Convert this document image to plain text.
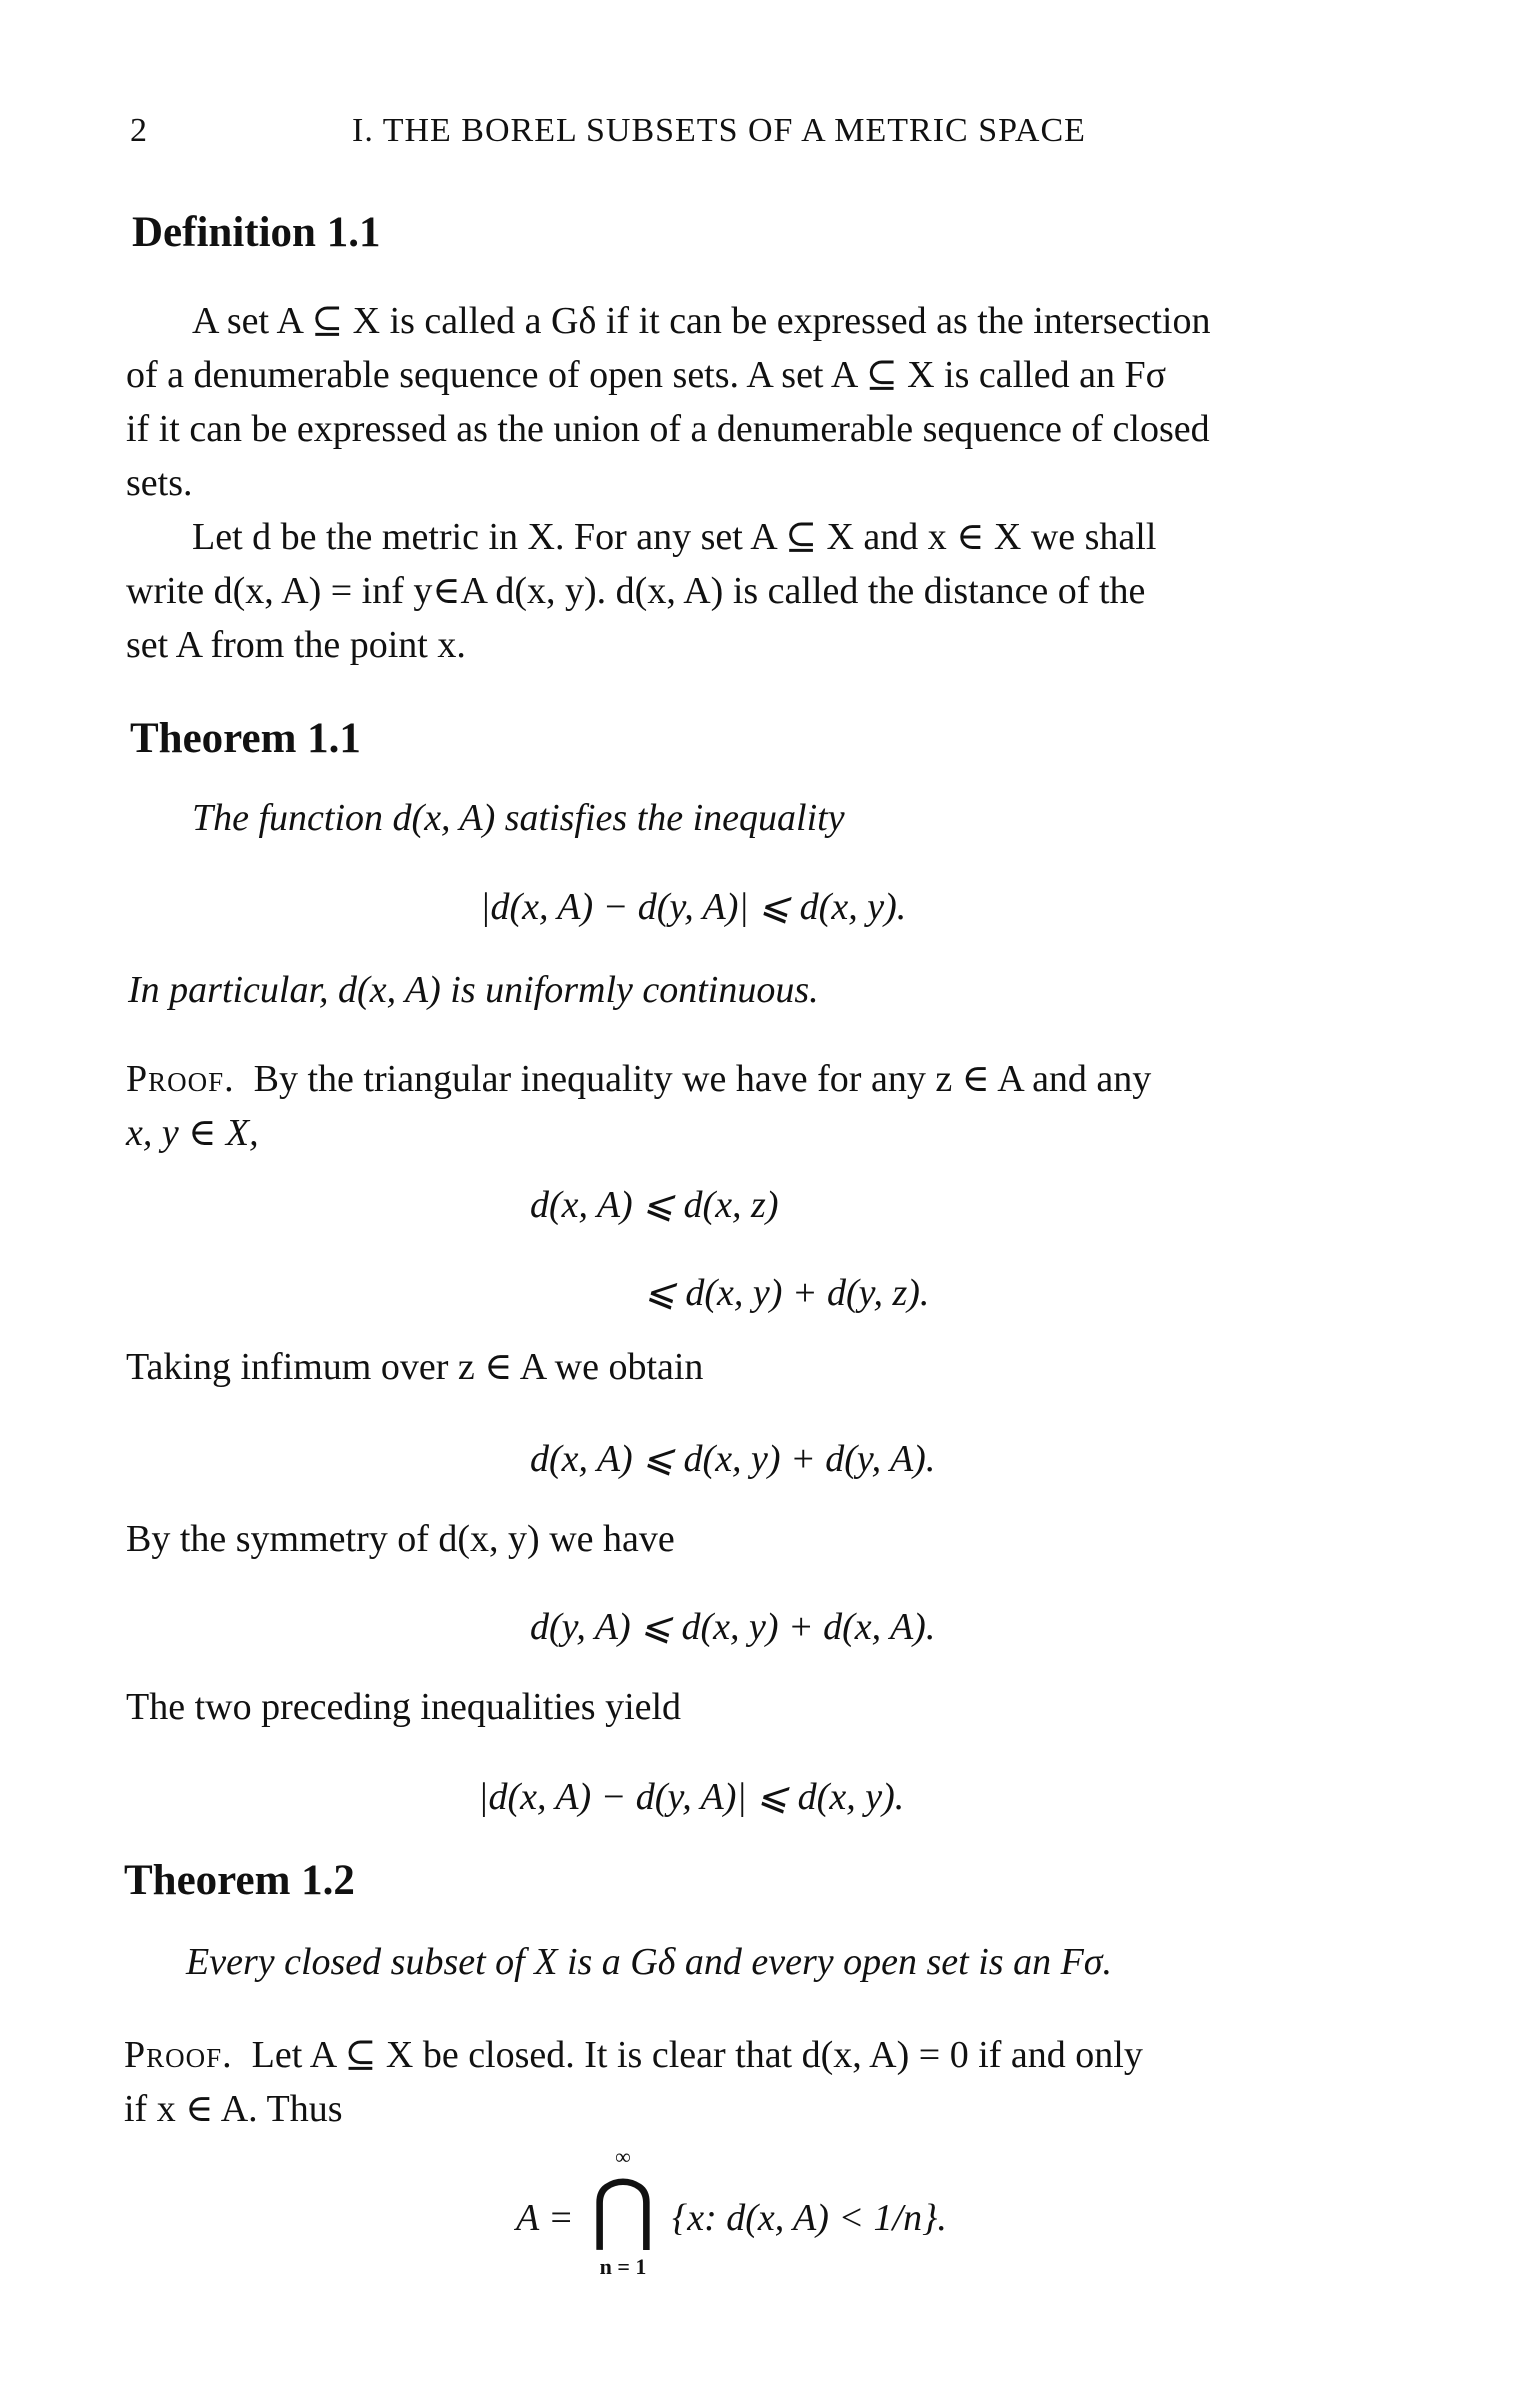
2	I. THE BOREL SUBSETS OF A METRIC SPACE
Definition 1.1
A set A ⊆ X is called a Gδ if it can be expressed as the intersection
of a denumerable sequence of open sets. A set A ⊆ X is called an Fσ
if it can be expressed as the union of a denumerable sequence of closed
sets.
Let d be the metric in X. For any set A ⊆ X and x ∈ X we shall
write d(x, A) = inf y∈A d(x, y). d(x, A) is called the distance of the
set A from the point x.
Theorem 1.1
The function d(x, A) satisfies the inequality
|d(x, A) − d(y, A)| ⩽ d(x, y).
In particular, d(x, A) is uniformly continuous.
Proof. By the triangular inequality we have for any z ∈ A and any
x, y ∈ X,
d(x, A) ⩽ d(x, z)
⩽ d(x, y) + d(y, z).
Taking infimum over z ∈ A we obtain
d(x, A) ⩽ d(x, y) + d(y, A).
By the symmetry of d(x, y) we have
d(y, A) ⩽ d(x, y) + d(x, A).
The two preceding inequalities yield
|d(x, A) − d(y, A)| ⩽ d(x, y).
Theorem 1.2
Every closed subset of X is a Gδ and every open set is an Fσ.
Proof. Let A ⊆ X be closed. It is clear that d(x, A) = 0 if and only
if x ∈ A. Thus
A =
∞
⋂
n = 1
{x: d(x, A) < 1/n}.
